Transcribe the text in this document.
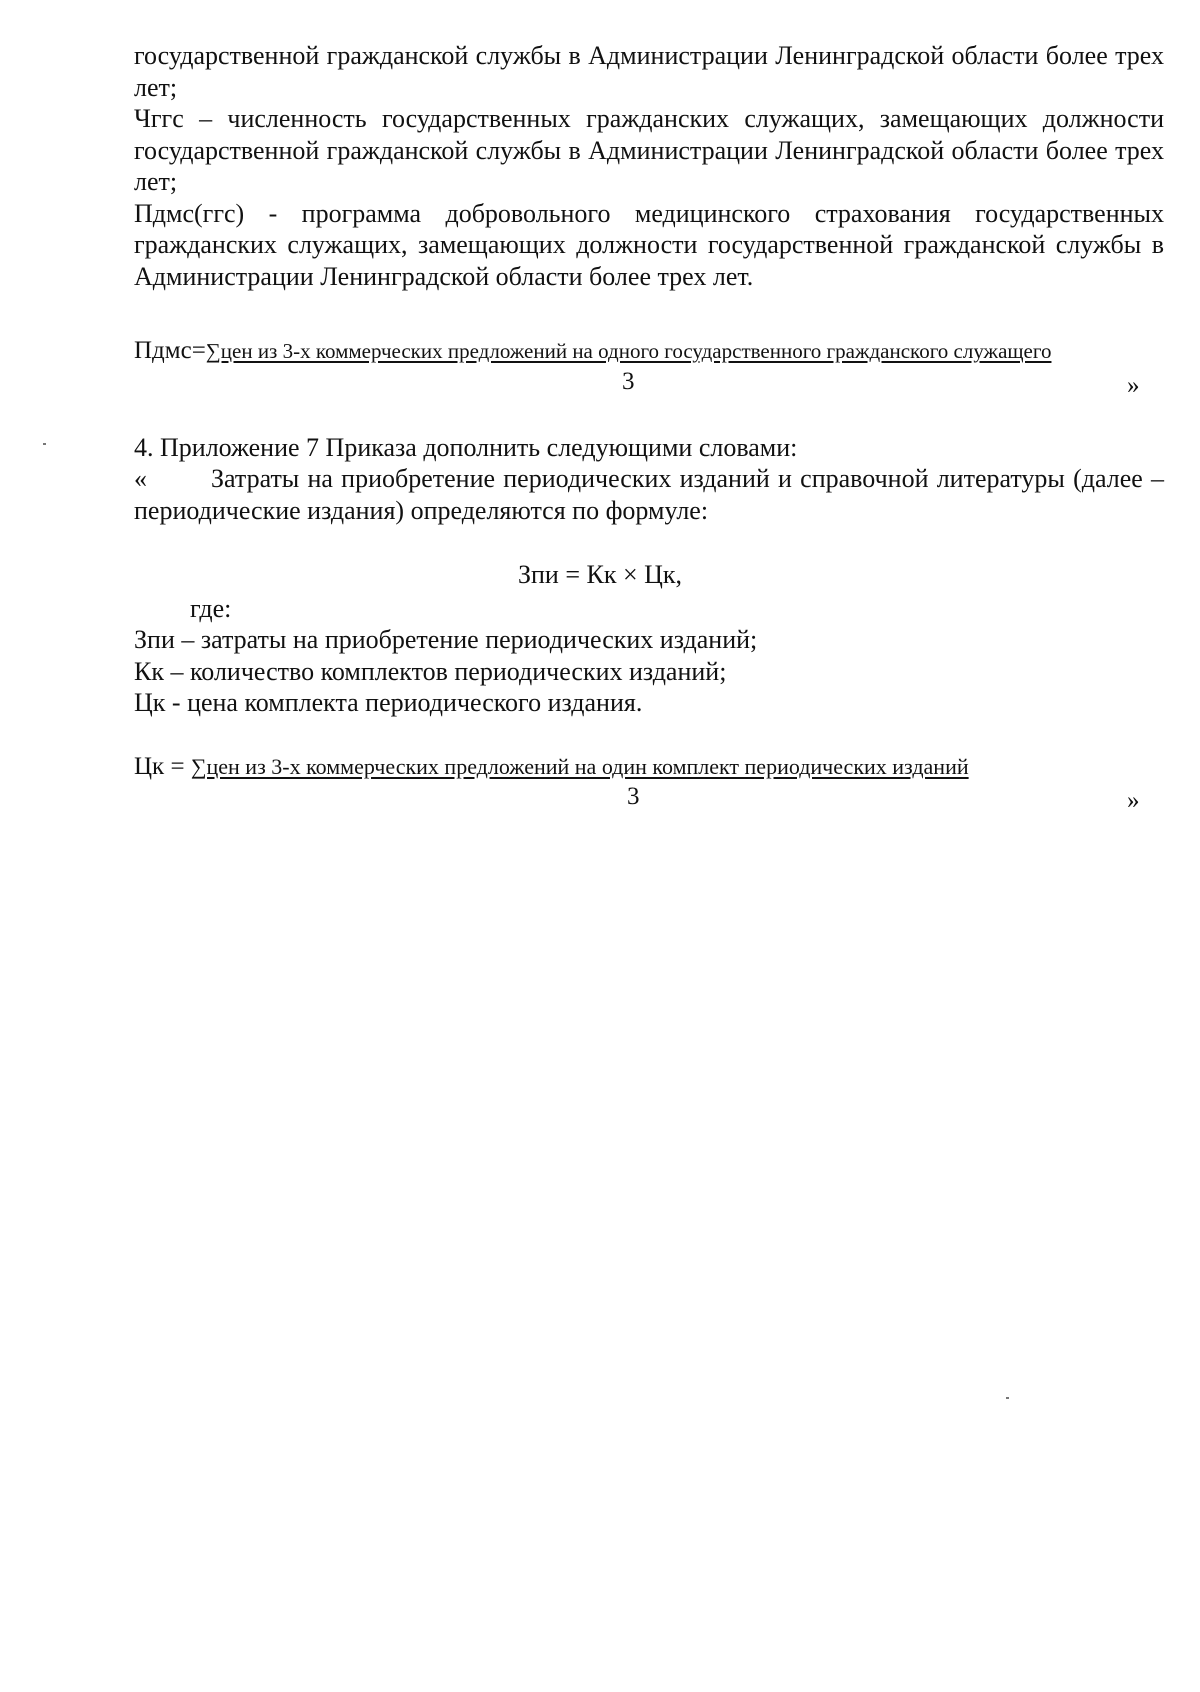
государственной гражданской службы в Администрации Ленинградской области более трех лет;

Чггс – численность государственных гражданских служащих, замещающих должности государственной гражданской службы в Администрации Ленинградской области более трех лет;

Пдмс(ггс) - программа добровольного медицинского страхования государственных гражданских служащих, замещающих должности государственной гражданской службы в Администрации Ленинградской области более трех лет.

Пдмс=∑цен из 3-х коммерческих предложений на одного государственного гражданского служащего
3	»

4. Приложение 7 Приказа дополнить следующими словами:

« Затраты на приобретение периодических изданий и справочной литературы (далее – периодические издания) определяются по формуле:

Зпи = Кк × Цк,
где:

Зпи – затраты на приобретение периодических изданий;

Кк – количество комплектов периодических изданий;

Цк - цена комплекта периодического издания.

Цк = ∑цен из 3-х коммерческих предложений на один комплект периодических изданий
3	»
